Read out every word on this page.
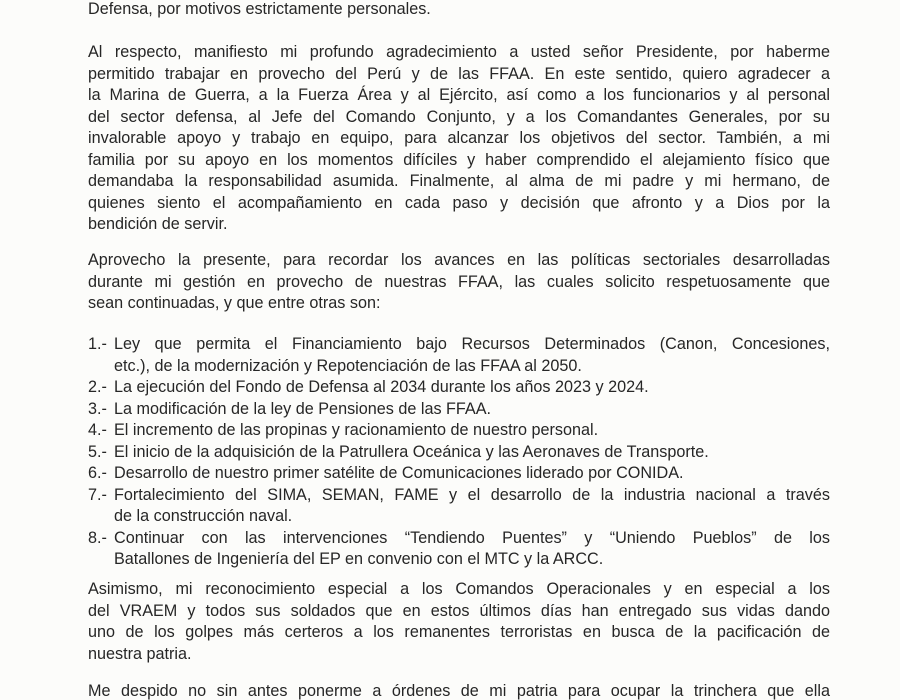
Defensa, por motivos estrictamente personales.
Al respecto, manifiesto mi profundo agradecimiento a usted señor Presidente, por haberme
permitido trabajar en provecho del Perú y de las FFAA. En este sentido, quiero agradecer a
la Marina de Guerra, a la Fuerza Área y al Ejército, así como a los funcionarios y al personal
del sector defensa, al Jefe del Comando Conjunto, y a los Comandantes Generales, por su
invalorable apoyo y trabajo en equipo, para alcanzar los objetivos del sector. También, a mi
familia por su apoyo en los momentos difíciles y haber comprendido el alejamiento físico que
demandaba la responsabilidad asumida. Finalmente, al alma de mi padre y mi hermano, de
quienes siento el acompañamiento en cada paso y decisión que afronto y a Dios por la
bendición de servir.
Aprovecho la presente, para recordar los avances en las políticas sectoriales desarrolladas
durante mi gestión en provecho de nuestras FFAA, las cuales solicito respetuosamente que
sean continuadas, y que entre otras son:
1.- Ley que permita el Financiamiento bajo Recursos Determinados (Canon, Concesiones,
etc.), de la modernización y Repotenciación de las FFAA al 2050.
2.- La ejecución del Fondo de Defensa al 2034 durante los años 2023 y 2024.
3.- La modificación de la ley de Pensiones de las FFAA.
4.- El incremento de las propinas y racionamiento de nuestro personal.
5.- El inicio de la adquisición de la Patrullera Oceánica y las Aeronaves de Transporte.
6.- Desarrollo de nuestro primer satélite de Comunicaciones liderado por CONIDA.
7.- Fortalecimiento del SIMA, SEMAN, FAME y el desarrollo de la industria nacional a través
de la construcción naval.
8.- Continuar con las intervenciones “Tendiendo Puentes” y “Uniendo Pueblos” de los
Batallones de Ingeniería del EP en convenio con el MTC y la ARCC.
Asimismo, mi reconocimiento especial a los Comandos Operacionales y en especial a los
del VRAEM y todos sus soldados que en estos últimos días han entregado sus vidas dando
uno de los golpes más certeros a los remanentes terroristas en busca de la pacificación de
nuestra patria.
Me despido no sin antes ponerme a órdenes de mi patria para ocupar la trinchera que ella
